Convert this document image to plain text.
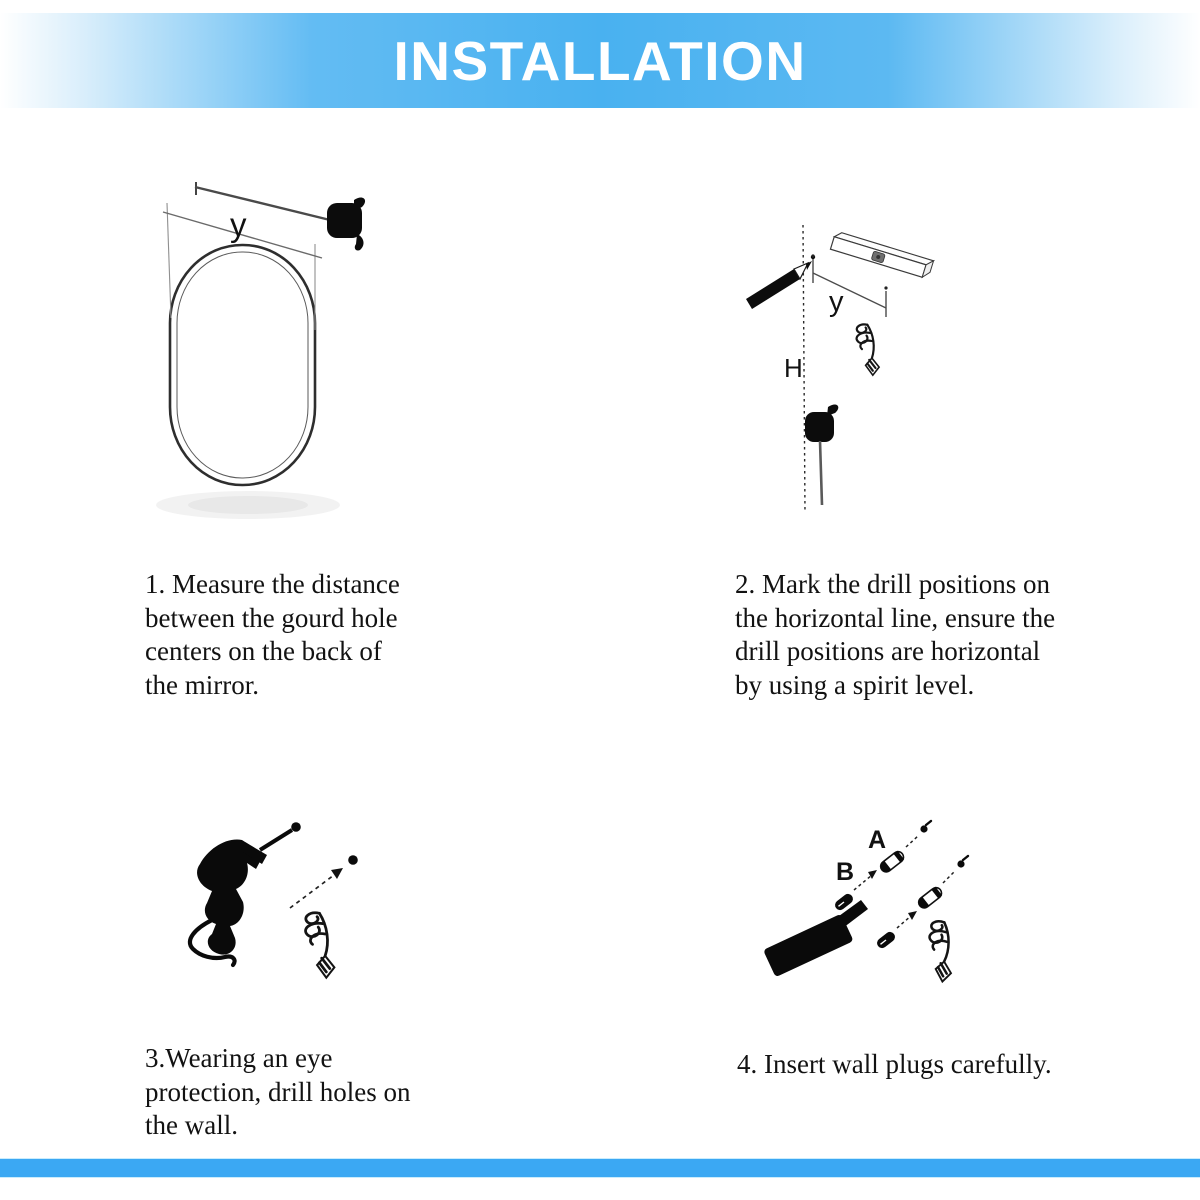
INSTALLATION
y
y
H
1. Measure the distance
between the gourd hole
centers on the back of
the mirror.
2. Mark the drill positions on
the horizontal line, ensure the
drill positions are horizontal
by using a spirit level.
A
B
3.Wearing an eye
protection, drill holes on
the wall.
4. Insert wall plugs carefully.
